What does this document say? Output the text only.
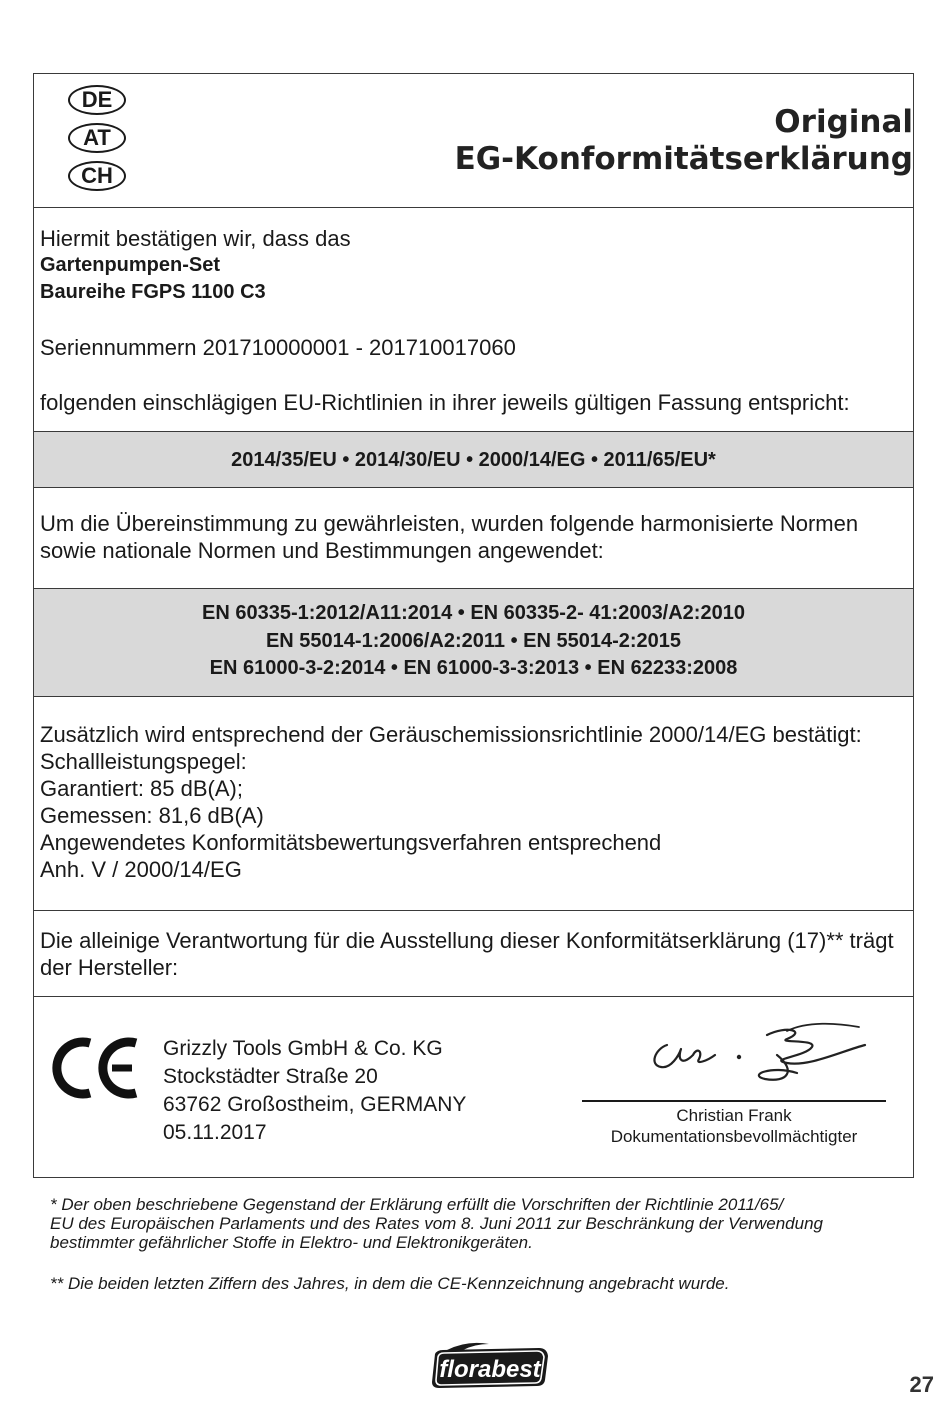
DE
AT
CH
Original
EG-Konformitätserklärung
Hiermit bestätigen wir, dass das
Gartenpumpen-Set
Baureihe FGPS 1100 C3
Seriennummern 201710000001 - 201710017060
folgenden einschlägigen EU-Richtlinien in ihrer jeweils gültigen Fassung entspricht:
2014/35/EU • 2014/30/EU • 2000/14/EG • 2011/65/EU*
Um die Übereinstimmung zu gewährleisten, wurden folgende harmonisierte Normen
sowie nationale Normen und Bestimmungen angewendet:
EN 60335-1:2012/A11:2014 • EN 60335-2- 41:2003/A2:2010
EN 55014-1:2006/A2:2011 • EN 55014-2:2015
EN 61000-3-2:2014 • EN 61000-3-3:2013 • EN 62233:2008
Zusätzlich wird entsprechend der Geräuschemissionsrichtlinie 2000/14/EG bestätigt:
Schallleistungspegel:
Garantiert: 85 dB(A);
Gemessen: 81,6 dB(A)
Angewendetes Konformitätsbewertungsverfahren entsprechend
Anh. V / 2000/14/EG
Die alleinige Verantwortung für die Ausstellung dieser Konformitätserklärung (17)** trägt
der Hersteller:
Grizzly Tools GmbH & Co. KG
Stockstädter Straße 20
63762 Großostheim, GERMANY
05.11.2017
Christian Frank
Dokumentationsbevollmächtigter
* Der oben beschriebene Gegenstand der Erklärung erfüllt die Vorschriften der Richtlinie 2011/65/
EU des Europäischen Parlaments und des Rates vom 8. Juni 2011 zur Beschränkung der Verwendung
bestimmter gefährlicher Stoffe in Elektro- und Elektronikgeräten.
** Die beiden letzten Ziffern des Jahres, in dem die CE-Kennzeichnung angebracht wurde.
florabest
27
